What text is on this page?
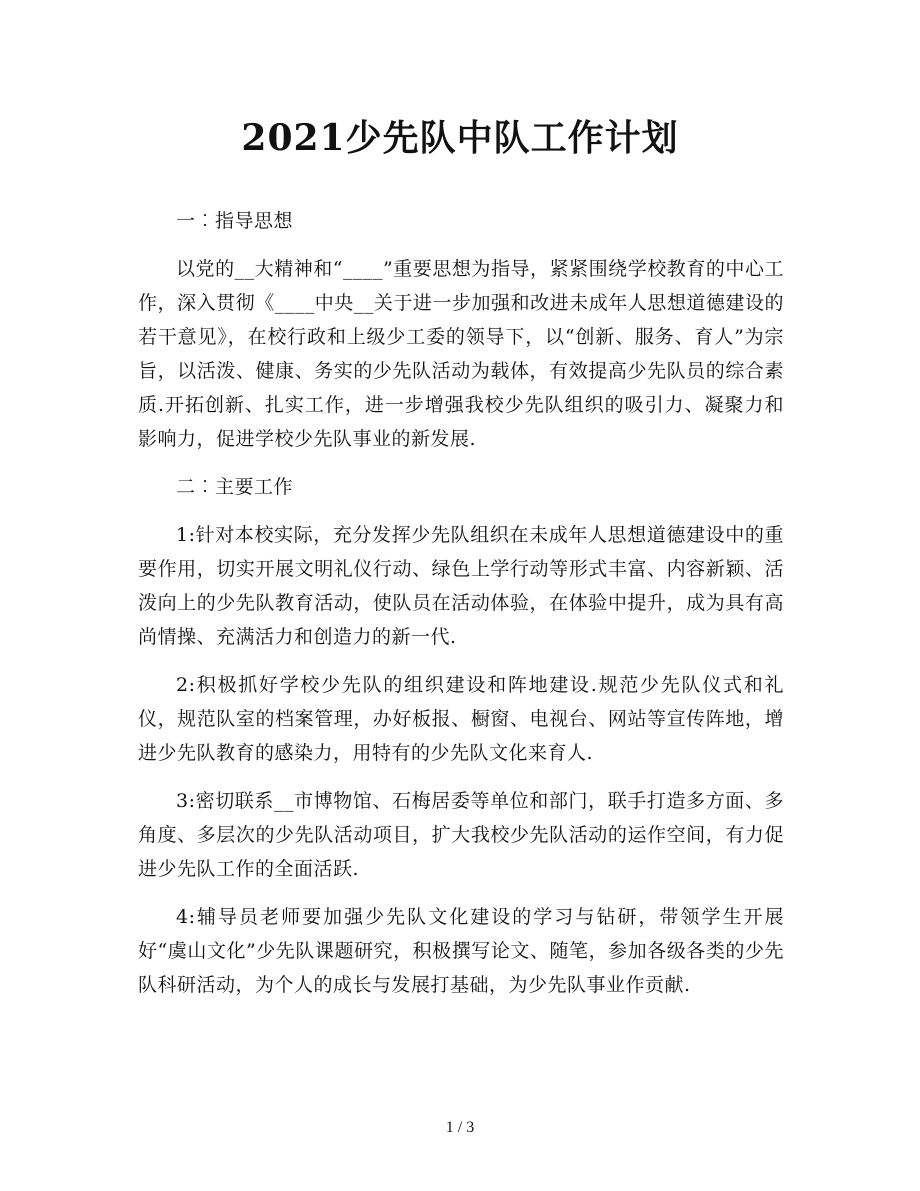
2021少先队中队工作计划

一︰指导思想

以党的__大精神和“____”重要思想为指导，紧紧围绕学校教育的中心工作，深入贯彻《____中央__关于进一步加强和改进未成年人思想道德建设的若干意见》，在校行政和上级少工委的领导下，以“创新、服务、育人”为宗旨，以活泼、健康、务实的少先队活动为载体，有效提高少先队员的综合素质.开拓创新、扎实工作，进一步增强我校少先队组织的吸引力、凝聚力和影响力，促进学校少先队事业的新发展.

二︰主要工作

1:针对本校实际，充分发挥少先队组织在未成年人思想道德建设中的重要作用，切实开展文明礼仪行动、绿色上学行动等形式丰富、内容新颖、活泼向上的少先队教育活动，使队员在活动体验，在体验中提升，成为具有高尚情操、充满活力和创造力的新一代.

2:积极抓好学校少先队的组织建设和阵地建设.规范少先队仪式和礼仪，规范队室的档案管理，办好板报、橱窗、电视台、网站等宣传阵地，增进少先队教育的感染力，用特有的少先队文化来育人.

3:密切联系__市博物馆、石梅居委等单位和部门，联手打造多方面、多角度、多层次的少先队活动项目，扩大我校少先队活动的运作空间，有力促进少先队工作的全面活跃.

4:辅导员老师要加强少先队文化建设的学习与钻研，带领学生开展好“虞山文化”少先队课题研究，积极撰写论文、随笔，参加各级各类的少先队科研活动，为个人的成长与发展打基础，为少先队事业作贡献.

1 / 3
